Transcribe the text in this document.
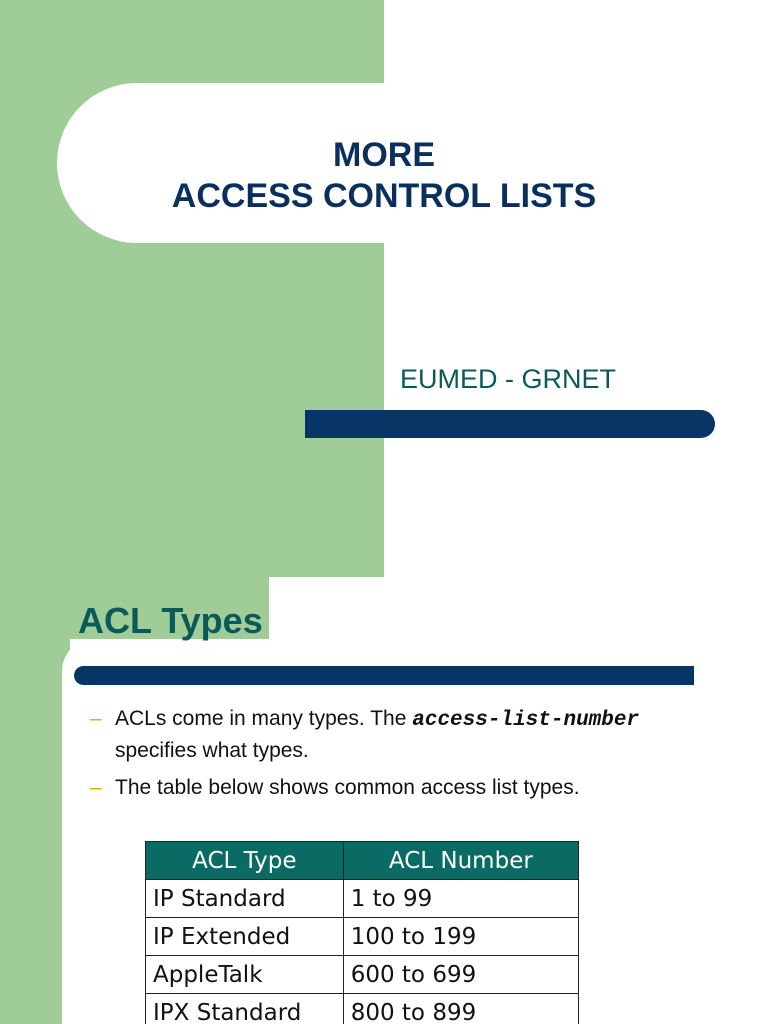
MORE
ACCESS CONTROL LISTS
EUMED - GRNET
ACL Types
– ACLs come in many types. The access-list-number specifies what types.
– The table below shows common access list types.
ACL Type	ACL Number
IP Standard	1 to 99
IP Extended	100 to 199
AppleTalk	600 to 699
IPX Standard	800 to 899
